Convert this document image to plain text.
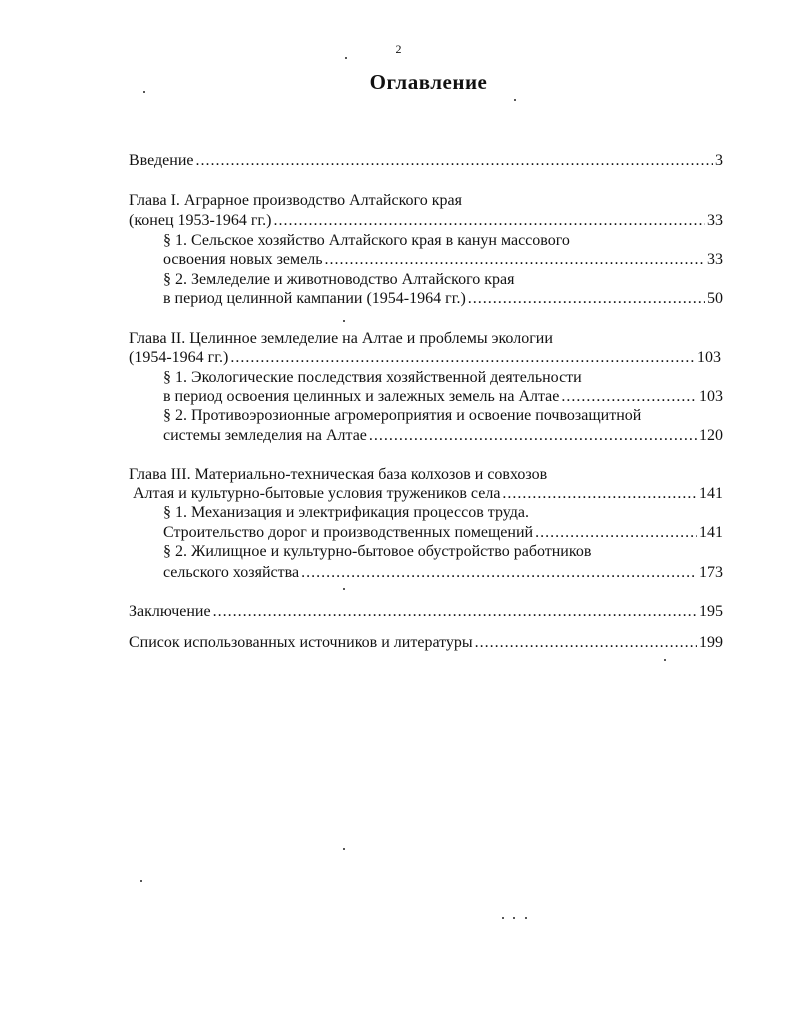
2
Оглавление
Введение .....	3
Глава I. Аграрное производство Алтайского края
(конец 1953-1964 гг.) .....	33
§ 1. Сельское хозяйство Алтайского края в канун массового
освоения новых земель .....	33
§ 2. Земледелие и животноводство Алтайского края
в период целинной кампании (1954-1964 гг.) .....	50
Глава II. Целинное земледелие на Алтае и проблемы экологии
(1954-1964 гг.) .....	103
§ 1. Экологические последствия хозяйственной деятельности
в период освоения целинных и залежных земель на Алтае .....	103
§ 2. Противоэрозионные агромероприятия и освоение почвозащитной
системы земледелия на Алтае .....	120
Глава III. Материально-техническая база колхозов и совхозов
Алтая и культурно-бытовые условия тружеников села .....	141
§ 1. Механизация и электрификация процессов труда.
Строительство дорог и производственных помещений .....	141
§ 2. Жилищное и культурно-бытовое обустройство работников
сельского хозяйства .....	173
Заключение .....	195
Список использованных источников и литературы .....	199
